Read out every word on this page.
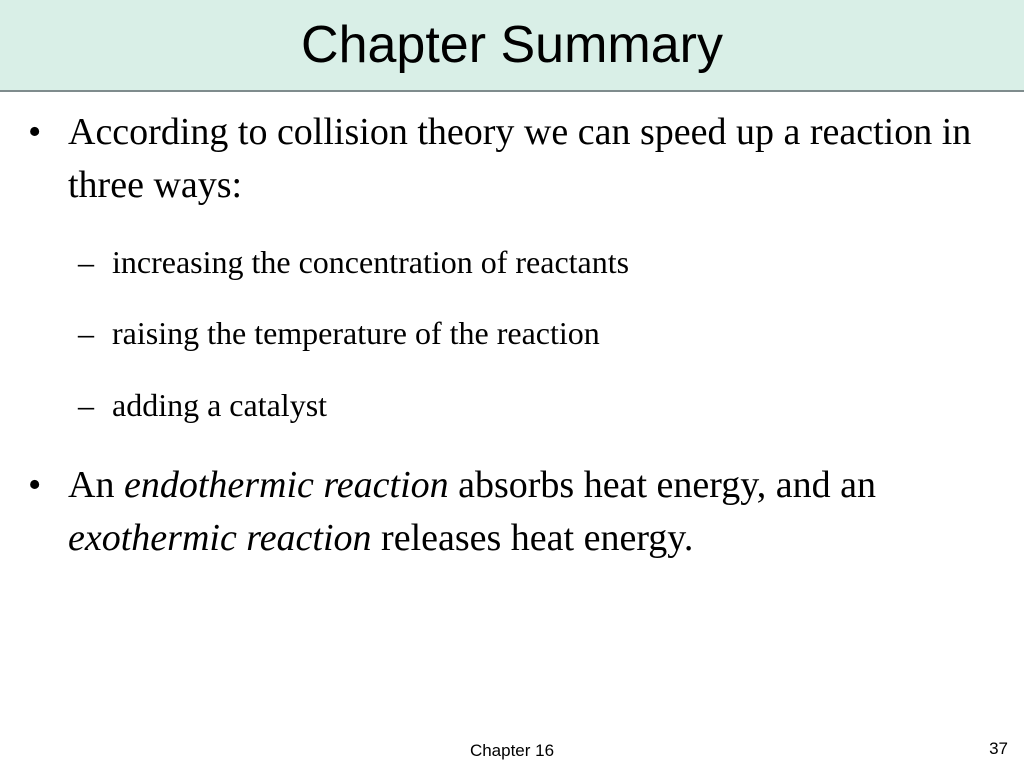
Chapter Summary
• According to collision theory we can speed up a reaction in three ways:
– increasing the concentration of reactants
– raising the temperature of the reaction
– adding a catalyst
• An endothermic reaction absorbs heat energy, and an exothermic reaction releases heat energy.
Chapter 16	37
